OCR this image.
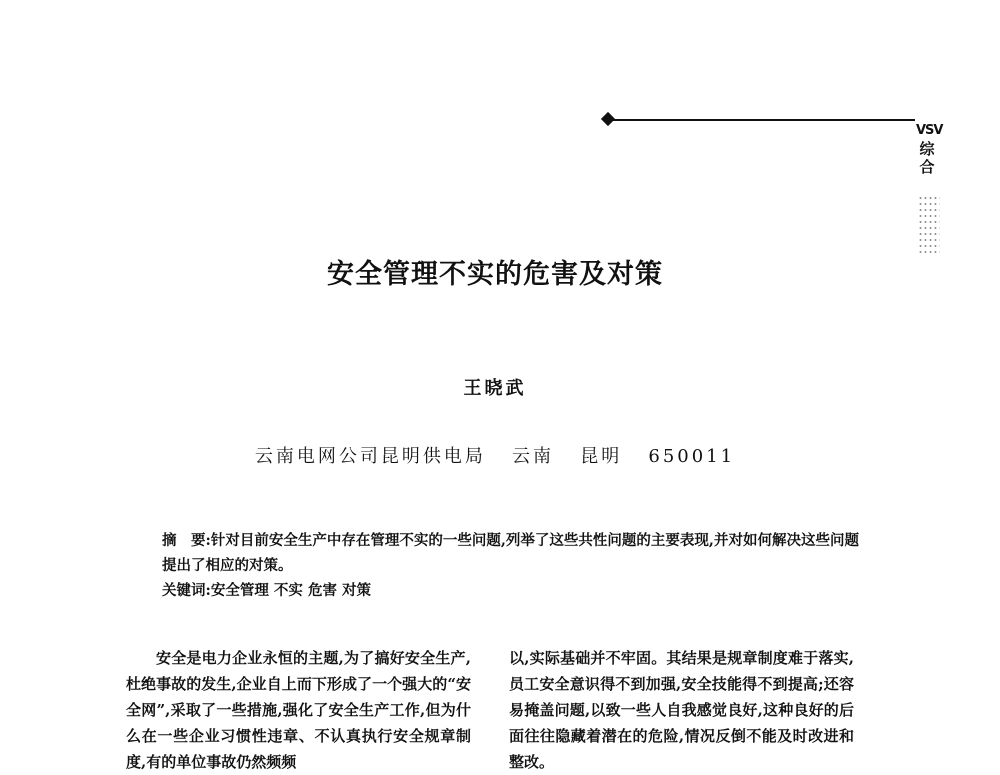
VSV
综
合
安全管理不实的危害及对策
王晓武
云南电网公司昆明供电局   云南   昆明   650011

摘　要:针对目前安全生产中存在管理不实的一些问题,列举了这些共性问题的主要表现,并对如何解决这些问题提出了相应的对策。

关键词:安全管理 不实 危害 对策

安全是电力企业永恒的主题,为了搞好安全生产,杜绝事故的发生,企业自上而下形成了一个强大的“安全网”,采取了一些措施,强化了安全生产工作,但为什么在一些企业习惯性违章、不认真执行安全规章制度,有的单位事故仍然频频

以,实际基础并不牢固。其结果是规章制度难于落实,员工安全意识得不到加强,安全技能得不到提高;还容易掩盖问题,以致一些人自我感觉良好,这种良好的后面往往隐藏着潜在的危险,情况反倒不能及时改进和整改。
